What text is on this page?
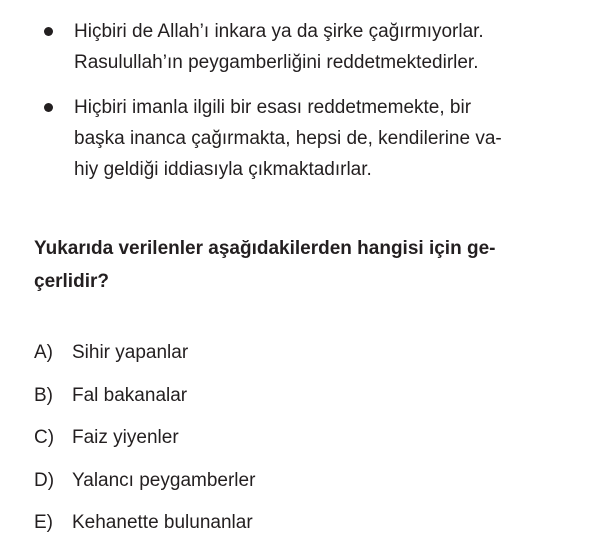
Hiçbiri de Allah’ı inkara ya da şirke çağırmıyorlar.
Rasulullah’ın peygamberliğini reddetmektedirler.
Hiçbiri imanla ilgili bir esası reddetmemekte, bir
başka inanca çağırmakta, hepsi de, kendilerine va-
hiy geldiği iddiasıyla çıkmaktadırlar.
Yukarıda verilenler aşağıdakilerden hangisi için ge-
çerlidir?
A) Sihir yapanlar
B) Fal bakanalar
C) Faiz yiyenler
D) Yalancı peygamberler
E) Kehanette bulunanlar
